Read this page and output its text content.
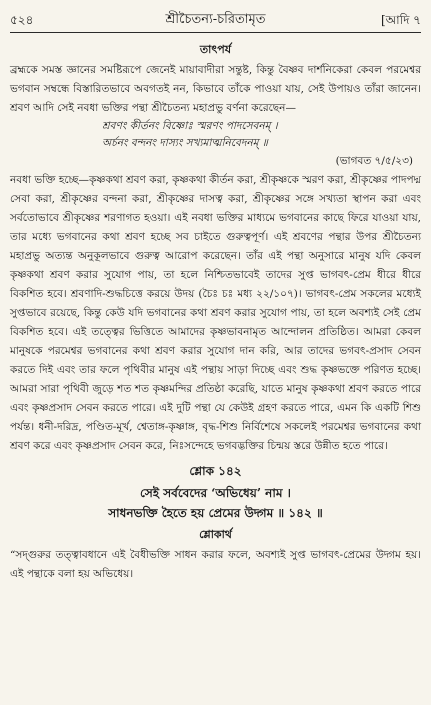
৫২৪	শ্রীচৈতন্য-চরিতামৃত	[আদি ৭
তাৎপর্য

ব্রহ্মকে সমস্ত জ্ঞানের সমষ্টিরূপে জেনেই মায়াবাদীরা সন্তুষ্ট, কিন্তু বৈষ্ণব দার্শনিকেরা কেবল পরমেশ্বর ভগবান সম্বন্ধে বিস্তারিতভাবে অবগতই নন, কিভাবে তাঁকে পাওয়া যায়, সেই উপায়ও তাঁরা জানেন। শ্রবণ আদি সেই নবধা ভক্তির পন্থা শ্রীচৈতন্য মহাপ্রভু বর্ণনা করেছেন—

শ্রবণং কীর্তনং বিষ্ণোঃ স্মরণং পাদসেবনম্ ।

অর্চনং বন্দনং দাস্যং সখ্যমাত্মনিবেদনম্ ॥

(ভাগবত ৭/৫/২৩)

নবধা ভক্তি হচ্ছে—কৃষ্ণকথা শ্রবণ করা, কৃষ্ণকথা কীর্তন করা, শ্রীকৃষ্ণকে স্মরণ করা, শ্রীকৃষ্ণের পাদপদ্ম সেবা করা, শ্রীকৃষ্ণের বন্দনা করা, শ্রীকৃষ্ণের দাসত্ব করা, শ্রীকৃষ্ণের সঙ্গে সখ্যতা স্থাপন করা এবং সর্বতোভাবে শ্রীকৃষ্ণের শরণাগত হওয়া। এই নবধা ভক্তির মাধ্যমে ভগবানের কাছে ফিরে যাওয়া যায়, তার মধ্যে ভগবানের কথা শ্রবণ হচ্ছে সব চাইতে গুরুত্বপূর্ণ। এই শ্রবণের পন্থার উপর শ্রীচৈতন্য মহাপ্রভু অত্যন্ত অনুকূলভাবে গুরুত্ব আরোপ করেছেন। তাঁর এই পন্থা অনুসারে মানুষ যদি কেবল কৃষ্ণকথা শ্রবণ করার সুযোগ পায়, তা হলে নিশ্চিতভাবেই তাদের সুপ্ত ভাগবৎ-প্রেম ধীরে ধীরে বিকশিত হবে। শ্রবণাদি-শুদ্ধচিত্তে করয়ে উদয় (চৈঃ চঃ মধ্য ২২/১০৭)। ভাগবৎ-প্রেম সকলের মধ্যেই সুপ্তভাবে রয়েছে, কিন্তু কেউ যদি ভগবানের কথা শ্রবণ করার সুযোগ পায়, তা হলে অবশ্যই সেই প্রেম বিকশিত হবে। এই তত্ত্বের ভিত্তিতে আমাদের কৃষ্ণভাবনামৃত আন্দোলন প্রতিষ্ঠিত। আমরা কেবল মানুষকে পরমেশ্বর ভগবানের কথা শ্রবণ করার সুযোগ দান করি, আর তাদের ভগবৎ-প্রসাদ সেবন করতে দিই এবং তার ফলে পৃথিবীর মানুষ এই পন্থায় সাড়া দিচ্ছে এবং শুদ্ধ কৃষ্ণভক্তে পরিণত হচ্ছে। আমরা সারা পৃথিবী জুড়ে শত শত কৃষ্ণমন্দির প্রতিষ্ঠা করেছি, যাতে মানুষ কৃষ্ণকথা শ্রবণ করতে পারে এবং কৃষ্ণপ্রসাদ সেবন করতে পারে। এই দুটি পন্থা যে কেউই গ্রহণ করতে পারে, এমন কি একটি শিশু পর্যন্ত। ধনী-দরিদ্র, পণ্ডিত-মূর্খ, শ্বেতাঙ্গ-কৃষ্ণাঙ্গ, বৃদ্ধ-শিশু নির্বিশেষে সকলেই পরমেশ্বর ভগবানের কথা শ্রবণ করে এবং কৃষ্ণপ্রসাদ সেবন করে, নিঃসন্দেহে ভগবদ্ভক্তির চিন্ময় স্তরে উন্নীত হতে পারে।

শ্লোক ১৪২

সেই সর্ববেদের ‘অভিধেয়’ নাম ।

সাধনভক্তি হৈতে হয় প্রেমের উদ্গম ॥ ১৪২ ॥

শ্লোকার্থ

“সদ্গুরুর তত্ত্বাবধানে এই বৈধীভক্তি সাধন করার ফলে, অবশ্যই সুপ্ত ভাগবৎ-প্রেমের উদ্গম হয়। এই পন্থাকে বলা হয় অভিধেয়।
